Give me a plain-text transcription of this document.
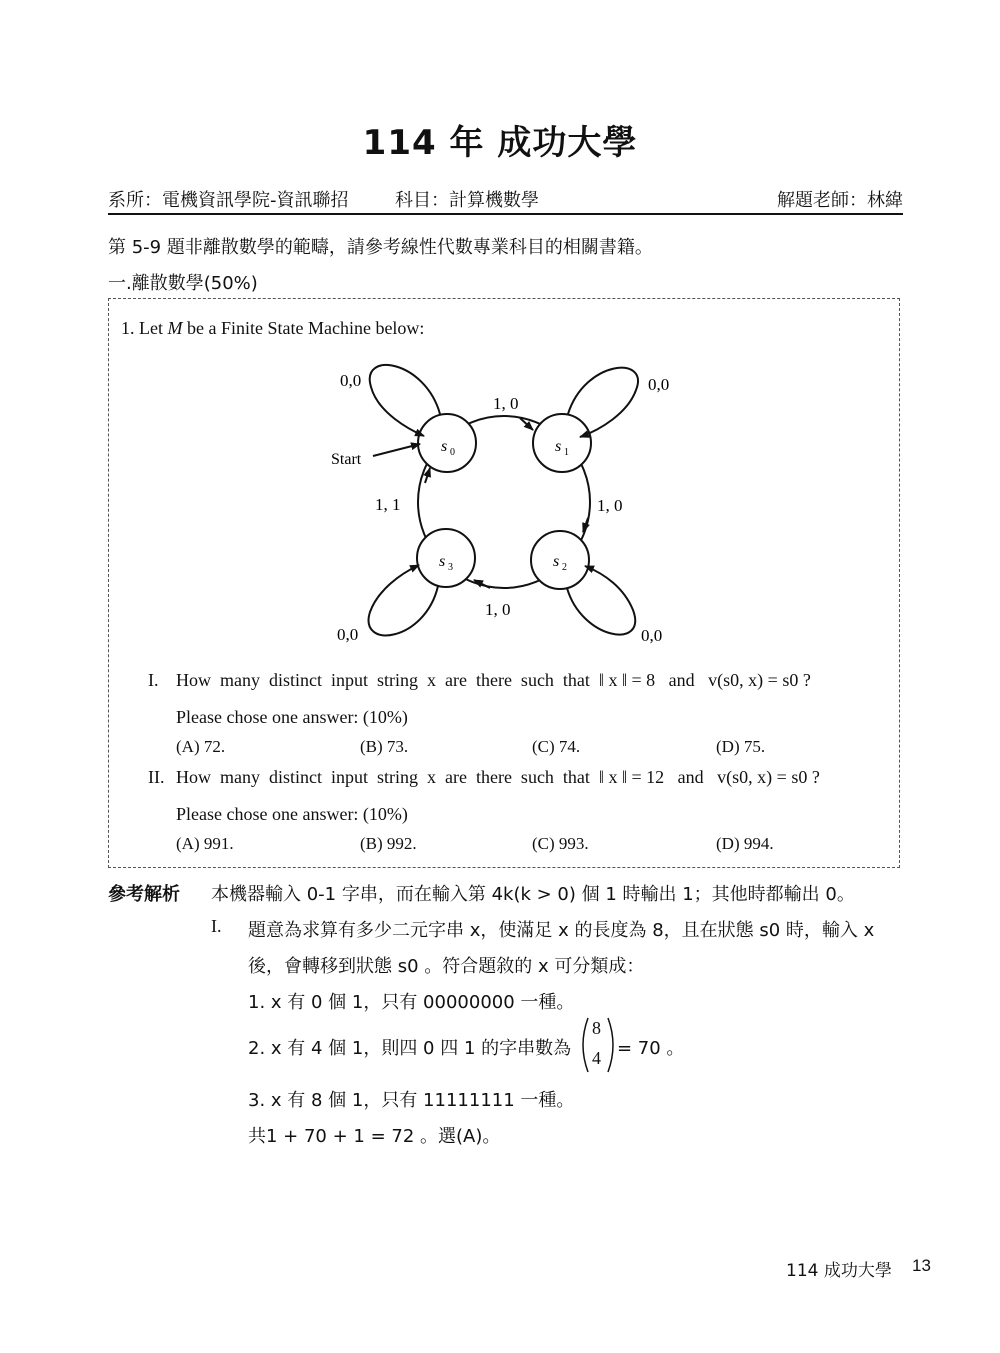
114 年 成功大學
系所：電機資訊學院-資訊聯招	科目：計算機數學	解題老師：林緯
第 5-9 題非離散數學的範疇，請參考線性代數專業科目的相關書籍。
一.離散數學(50%)
1. Let M be a Finite State Machine below:
s 0	s 1
s 2
s 3
Start
1, 0
1, 0
1, 0
1, 1
0,0	0,0
0,0
0,0
I. How  many  distinct  input  string  x  are  there  such  that  ‖ x ‖ = 8   and   v(s0, x) = s0 ?
Please chose one answer: (10%)
(A) 72.	(B) 73.	(C) 74.	(D) 75.
II. How  many  distinct  input  string  x  are  there  such  that  ‖ x ‖ = 12   and   v(s0, x) = s0 ?
Please chose one answer: (10%)
(A) 991.	(B) 992.	(C) 993.	(D) 994.
參考解析 本機器輸入 0-1 字串，而在輸入第 4k(k > 0) 個 1 時輸出 1；其他時都輸出 0。
I. 題意為求算有多少二元字串 x，使滿足 x 的長度為 8，且在狀態 s0 時，輸入 x
後，會轉移到狀態 s0 。符合題敘的 x 可分類成：
1. x 有 0 個 1，只有 00000000 一種。
2. x 有 4 個 1，則四 0 四 1 的字串數為
8
4 = 70 。
3. x 有 8 個 1，只有 11111111 一種。
共1 + 70 + 1 = 72 。選(A)。
114 成功大學 13
